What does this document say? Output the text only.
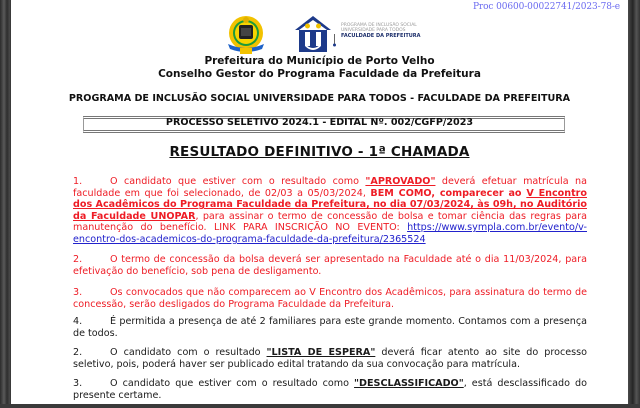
Proc 00600-00022741/2023-78-e
PROGRAMA DE INCLUSÃO SOCIAL
UNIVERSIDADE PARA TODOS
FACULDADE DA PREFEITURA
Prefeitura do Município de Porto Velho
Conselho Gestor do Programa Faculdade da Prefeitura
PROGRAMA DE INCLUSÃO SOCIAL UNIVERSIDADE PARA TODOS - FACULDADE DA PREFEITURA
PROCESSO SELETIVO 2024.1 - EDITAL Nº. 002/CGFP/2023
RESULTADO DEFINITIVO - 1ª CHAMADA

1.	O candidato que estiver com o resultado como "APROVADO" deverá efetuar matrícula na faculdade em que foi selecionado, de 02/03 a 05/03/2024, BEM COMO, comparecer ao V Encontro dos Acadêmicos do Programa Faculdade da Prefeitura, no dia 07/03/2024, às 09h, no Auditório da Faculdade UNOPAR, para assinar o termo de concessão de bolsa e tomar ciência das regras para manutenção do benefício. LINK PARA INSCRIÇÃO NO EVENTO: https://www.sympla.com.br/evento/v-encontro-dos-academicos-do-programa-faculdade-da-prefeitura/2365524

2.	O termo de concessão da bolsa deverá ser apresentado na Faculdade até o dia 11/03/2024, para efetivação do benefício, sob pena de desligamento.

3.	Os convocados que não comparecem ao V Encontro dos Acadêmicos, para assinatura do termo de concessão, serão desligados do Programa Faculdade da Prefeitura.

4.	É permitida a presença de até 2 familiares para este grande momento. Contamos com a presença de todos.

2.	O candidato com o resultado "LISTA DE ESPERA" deverá ficar atento ao site do processo seletivo, pois, poderá haver ser publicado edital tratando da sua convocação para matrícula.

3.	O candidato que estiver com o resultado como "DESCLASSIFICADO", está desclassificado do presente certame.
